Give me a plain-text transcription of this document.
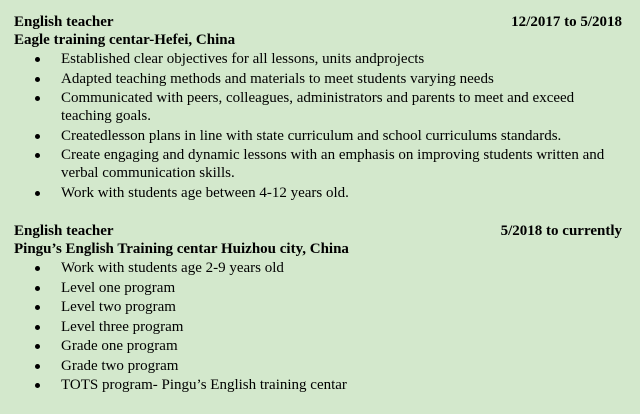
English teacher	12/2017 to 5/2018
Eagle training centar-Hefei, China
Established clear objectives for all lessons, units andprojects
Adapted teaching methods and materials to meet students varying needs
Communicated with peers, colleagues, administrators and parents to meet and exceed teaching goals.
Createdlesson plans in line with state curriculum and school curriculums standards.
Create engaging and dynamic lessons with an emphasis on improving students written and verbal communication skills.
Work with students age between 4-12 years old.
English teacher	5/2018 to currently
Pingu’s English Training centar Huizhou city, China
Work with students age 2-9 years old
Level one program
Level two program
Level three program
Grade one program
Grade two program
TOTS program- Pingu’s English training centar
